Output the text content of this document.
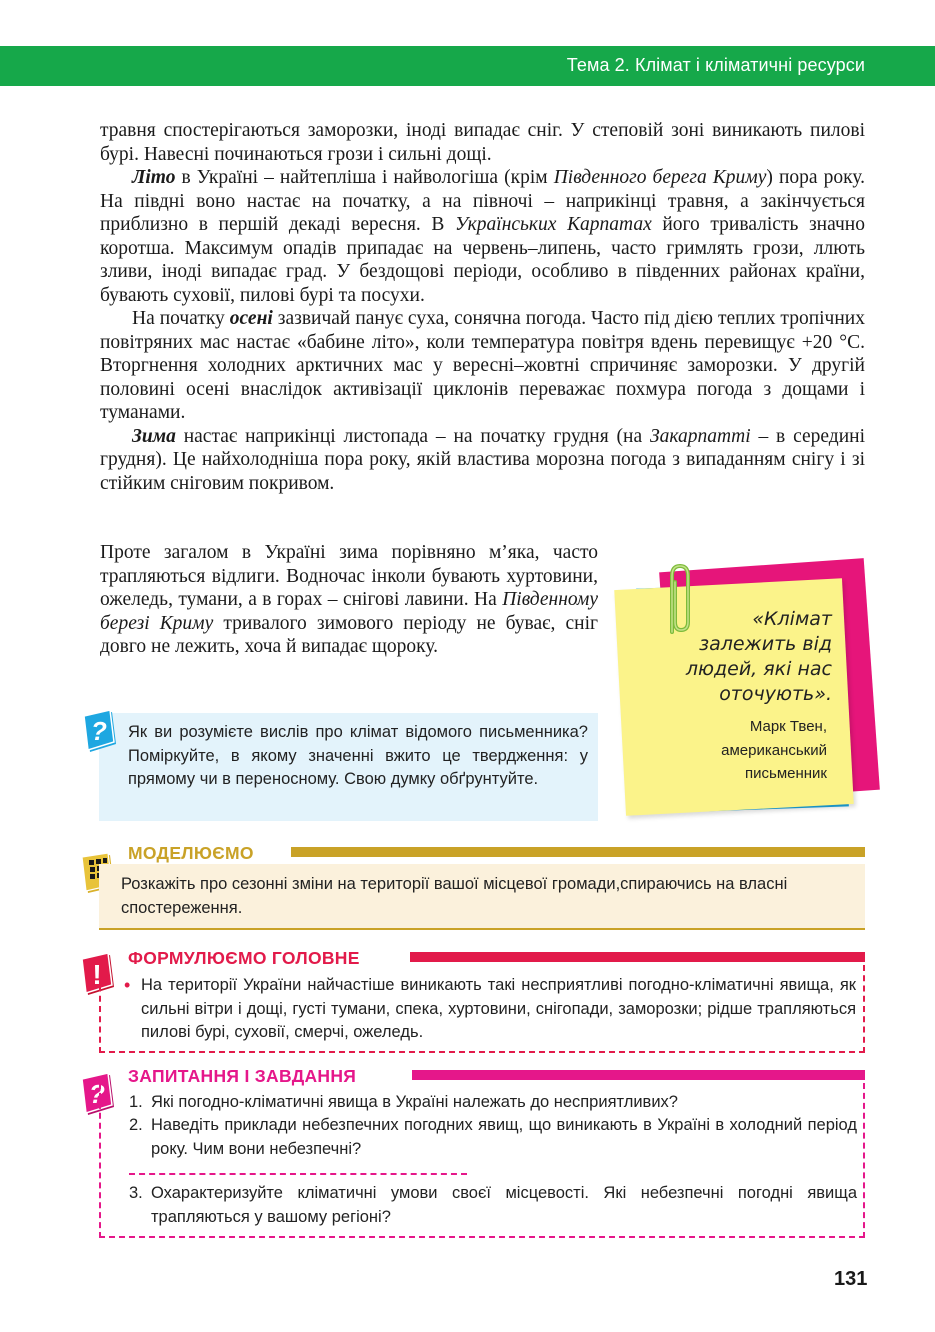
Тема 2. Клімат і кліматичні ресурси

травня спостерігаються заморозки, іноді випадає сніг. У степовій зоні виникають пилові бурі. Навесні починаються грози і сильні дощі.

Літо в Україні – найтепліша і найвологіша (крім Південного берега Криму) пора року. На півдні воно настає на початку, а на півночі – наприкінці травня, а закінчується приблизно в першій декаді вересня. В Українських Карпатах його тривалість значно коротша. Максимум опадів припадає на червень–липень, часто гримлять грози, ллють зливи, іноді випадає град. У бездощові періоди, особливо в південних районах країни, бувають суховії, пилові бурі та посухи.

На початку осені зазвичай панує суха, сонячна погода. Часто під дією теплих тропічних повітряних мас настає «бабине літо», коли температура повітря вдень перевищує +20 °С. Вторгнення холодних арктичних мас у вересні–жовтні спричиняє заморозки. У другій половині осені внаслідок активізації циклонів переважає похмура погода з дощами і туманами.

Зима настає наприкінці листопада – на початку грудня (на Закарпатті – в середині грудня). Це найхолодніша пора року, якій властива морозна погода з випаданням снігу і зі стійким сніговим покривом.

Проте загалом в Україні зима порівняно м’яка, часто трапляються відлиги. Водночас інколи бувають хуртовини, ожеледь, тумани, а в горах – снігові лавини. На Південному березі Криму тривалого зимового періоду не буває, сніг довго не лежить, хоча й випадає щороку.
Як ви розумієте вислів про клімат відомого письменника? Поміркуйте, в якому значенні вжито це твердження: у прямому чи в переносному. Свою думку обґрунтуйте.
?
«Клімат залежить від людей, які нас оточують».
Марк Твен, американський письменник
МОДЕЛЮЄМО
Розкажіть про сезонні зміни на території вашої місцевої громади,спираючись на власні спостереження.
!
ФОРМУЛЮЄМО ГОЛОВНЕ
• На території України найчастіше виникають такі несприятливі погодно-кліматичні явища, як сильні вітри і дощі, густі тумани, спека, хуртовини, снігопади, заморозки; рідше трапляються пилові бурі, суховії, смерчі, ожеледь.
?
ЗАПИТАННЯ І ЗАВДАННЯ
1. Які погодно-кліматичні явища в Україні належать до несприятливих?
2. Наведіть приклади небезпечних погодних явищ, що виникають в Україні в холодний період року. Чим вони небезпечні?
3. Охарактеризуйте кліматичні умови своєї місцевості. Які небезпечні погодні явища трапляються у вашому регіоні?
131
